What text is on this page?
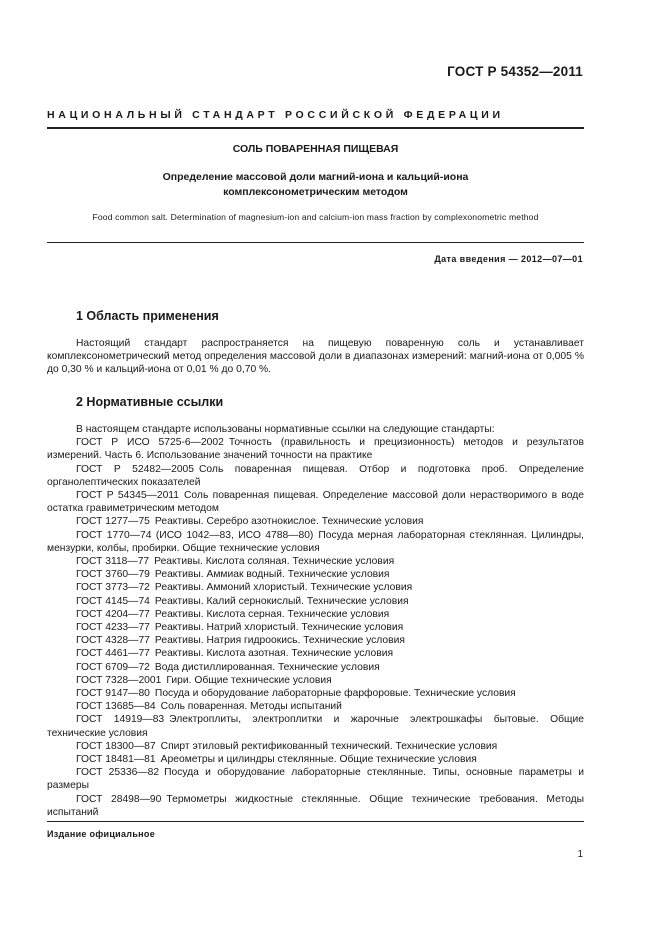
ГОСТ Р 54352—2011
НАЦИОНАЛЬНЫЙ СТАНДАРТ РОССИЙСКОЙ ФЕДЕРАЦИИ
СОЛЬ ПОВАРЕННАЯ ПИЩЕВАЯ
Определение массовой доли магний-иона и кальций-иона
комплексонометрическим методом
Food common salt. Determination of magnesium-ion and calcium-ion mass fraction by complexonometric method
Дата введения — 2012—07—01
1 Область применения

Настоящий стандарт распространяется на пищевую поваренную соль и устанавливает комплексонометрический метод определения массовой доли в диапазонах измерений: магний-иона от 0,005 % до 0,30 % и кальций-иона от 0,01 % до 0,70 %.

2 Нормативные ссылки

В настоящем стандарте использованы нормативные ссылки на следующие стандарты:

ГОСТ Р ИСО 5725-6—2002 Точность (правильность и прецизионность) методов и результатов измерений. Часть 6. Использование значений точности на практике
ГОСТ Р 52482—2005 Соль поваренная пищевая. Отбор и подготовка проб. Определение органолептических показателей
ГОСТ Р 54345—2011 Соль поваренная пищевая. Определение массовой доли нерастворимого в воде остатка гравиметрическим методом
ГОСТ 1277—75 Реактивы. Серебро азотнокислое. Технические условия
ГОСТ 1770—74 (ИСО 1042—83, ИСО 4788—80) Посуда мерная лабораторная стеклянная. Цилиндры, мензурки, колбы, пробирки. Общие технические условия
ГОСТ 3118—77 Реактивы. Кислота соляная. Технические условия
ГОСТ 3760—79 Реактивы. Аммиак водный. Технические условия
ГОСТ 3773—72 Реактивы. Аммоний хлористый. Технические условия
ГОСТ 4145—74 Реактивы. Калий сернокислый. Технические условия
ГОСТ 4204—77 Реактивы. Кислота серная. Технические условия
ГОСТ 4233—77 Реактивы. Натрий хлористый. Технические условия
ГОСТ 4328—77 Реактивы. Натрия гидроокись. Технические условия
ГОСТ 4461—77 Реактивы. Кислота азотная. Технические условия
ГОСТ 6709—72 Вода дистиллированная. Технические условия
ГОСТ 7328—2001 Гири. Общие технические условия
ГОСТ 9147—80 Посуда и оборудование лабораторные фарфоровые. Технические условия
ГОСТ 13685—84 Соль поваренная. Методы испытаний
ГОСТ 14919—83 Электроплиты, электроплитки и жарочные электрошкафы бытовые. Общие технические условия
ГОСТ 18300—87 Спирт этиловый ректификованный технический. Технические условия
ГОСТ 18481—81 Ареометры и цилиндры стеклянные. Общие технические условия
ГОСТ 25336—82 Посуда и оборудование лабораторные стеклянные. Типы, основные параметры и размеры
ГОСТ 28498—90 Термометры жидкостные стеклянные. Общие технические требования. Методы испытаний
Издание официальное
1
